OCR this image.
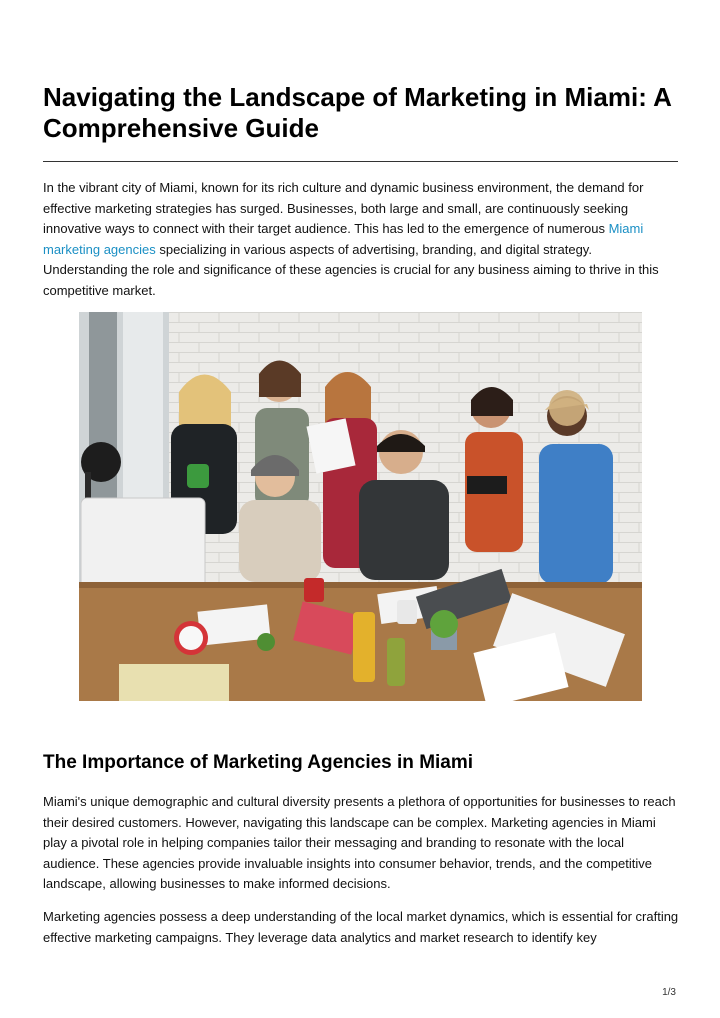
Navigating the Landscape of Marketing in Miami: A Comprehensive Guide

In the vibrant city of Miami, known for its rich culture and dynamic business environment, the demand for effective marketing strategies has surged. Businesses, both large and small, are continuously seeking innovative ways to connect with their target audience. This has led to the emergence of numerous Miami marketing agencies specializing in various aspects of advertising, branding, and digital strategy. Understanding the role and significance of these agencies is crucial for any business aiming to thrive in this competitive market.

The Importance of Marketing Agencies in Miami

Miami's unique demographic and cultural diversity presents a plethora of opportunities for businesses to reach their desired customers. However, navigating this landscape can be complex. Marketing agencies in Miami play a pivotal role in helping companies tailor their messaging and branding to resonate with the local audience. These agencies provide invaluable insights into consumer behavior, trends, and the competitive landscape, allowing businesses to make informed decisions.

Marketing agencies possess a deep understanding of the local market dynamics, which is essential for crafting effective marketing campaigns. They leverage data analytics and market research to identify key

1/3
